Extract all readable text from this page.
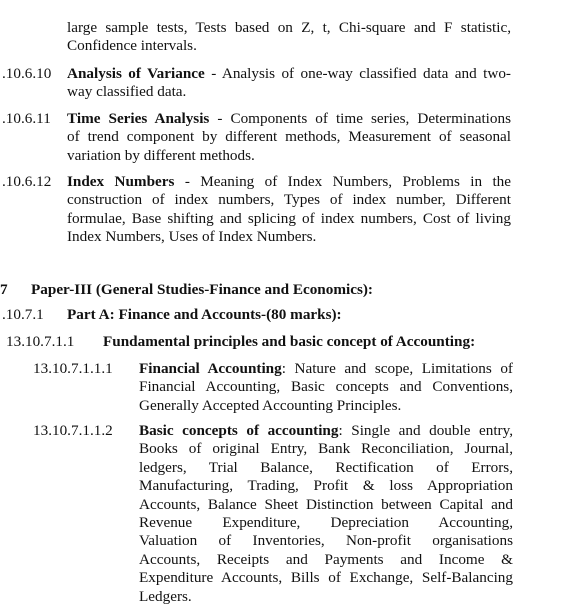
large sample tests, Tests based on Z, t, Chi-square and F statistic,
Confidence intervals.
.10.6.10 Analysis of Variance - Analysis of one-way classified data and two-
way classified data.
.10.6.11 Time Series Analysis - Components of time series, Determinations
of trend component by different methods, Measurement of seasonal
variation by different methods.
.10.6.12 Index Numbers - Meaning of Index Numbers, Problems in the
construction of index numbers, Types of index number, Different
formulae, Base shifting and splicing of index numbers, Cost of living
Index Numbers, Uses of Index Numbers.
7 Paper-III (General Studies-Finance and Economics):
.10.7.1 Part A: Finance and Accounts-(80 marks):
13.10.7.1.1 Fundamental principles and basic concept of Accounting:
13.10.7.1.1.1 Financial Accounting: Nature and scope, Limitations of
Financial Accounting, Basic concepts and Conventions,
Generally Accepted Accounting Principles.
13.10.7.1.1.2 Basic concepts of accounting: Single and double entry,
Books of original Entry, Bank Reconciliation, Journal,
ledgers, Trial Balance, Rectification of Errors,
Manufacturing, Trading, Profit & loss Appropriation
Accounts, Balance Sheet Distinction between Capital and
Revenue Expenditure, Depreciation Accounting,
Valuation of Inventories, Non-profit organisations
Accounts, Receipts and Payments and Income &
Expenditure Accounts, Bills of Exchange, Self-Balancing
Ledgers.
